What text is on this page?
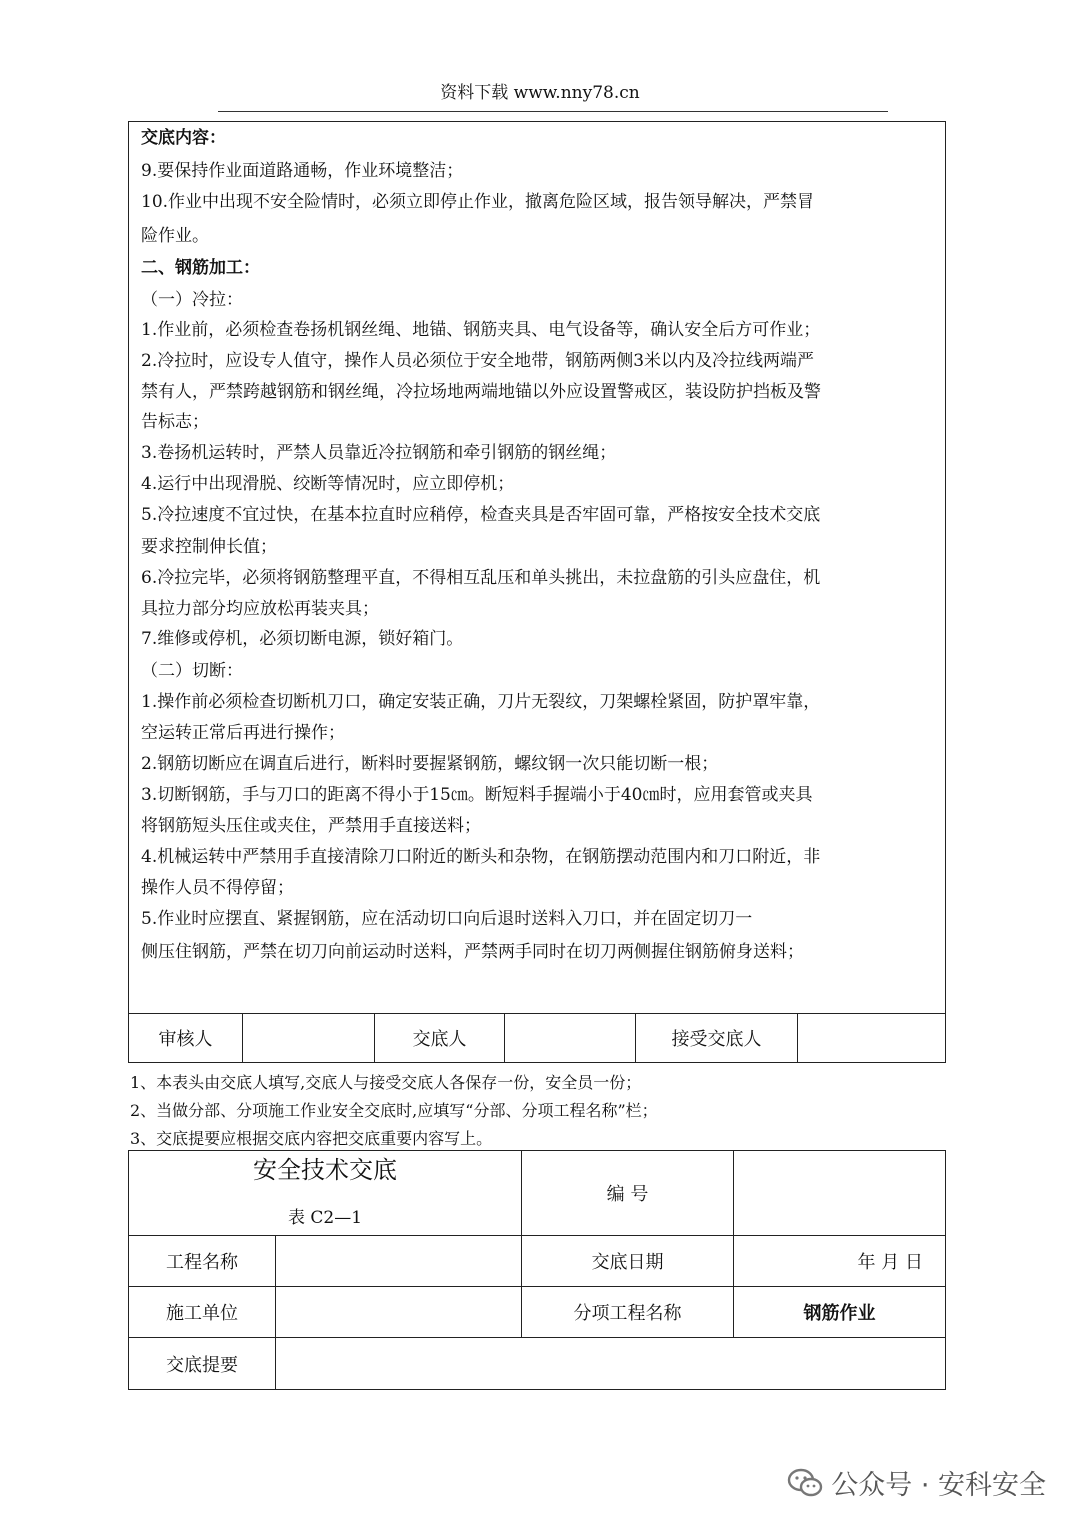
资料下载 www.nny78.cn
交底内容：
9.要保持作业面道路通畅，作业环境整洁；
10.作业中出现不安全险情时，必须立即停止作业，撤离危险区域，报告领导解决，严禁冒
险作业。
二、钢筋加工：
（一）冷拉：
1.作业前，必须检查卷扬机钢丝绳、地锚、钢筋夹具、电气设备等，确认安全后方可作业；
2.冷拉时，应设专人值守，操作人员必须位于安全地带，钢筋两侧3米以内及冷拉线两端严
禁有人，严禁跨越钢筋和钢丝绳，冷拉场地两端地锚以外应设置警戒区，装设防护挡板及警
告标志；
3.卷扬机运转时，严禁人员靠近冷拉钢筋和牵引钢筋的钢丝绳；
4.运行中出现滑脱、绞断等情况时，应立即停机；
5.冷拉速度不宜过快，在基本拉直时应稍停，检查夹具是否牢固可靠，严格按安全技术交底
要求控制伸长值；
6.冷拉完毕，必须将钢筋整理平直，不得相互乱压和单头挑出，未拉盘筋的引头应盘住，机
具拉力部分均应放松再装夹具；
7.维修或停机，必须切断电源，锁好箱门。
（二）切断：
1.操作前必须检查切断机刀口，确定安装正确，刀片无裂纹，刀架螺栓紧固，防护罩牢靠，
空运转正常后再进行操作；
2.钢筋切断应在调直后进行，断料时要握紧钢筋，螺纹钢一次只能切断一根；
3.切断钢筋，手与刀口的距离不得小于15㎝。断短料手握端小于40㎝时，应用套管或夹具
将钢筋短头压住或夹住，严禁用手直接送料；
4.机械运转中严禁用手直接清除刀口附近的断头和杂物，在钢筋摆动范围内和刀口附近，非
操作人员不得停留；
5.作业时应摆直、紧握钢筋，应在活动切口向后退时送料入刀口，并在固定切刀一
侧压住钢筋，严禁在切刀向前运动时送料，严禁两手同时在切刀两侧握住钢筋俯身送料；
审核人	交底人	接受交底人
1、本表头由交底人填写,交底人与接受交底人各保存一份，安全员一份；
2、当做分部、分项施工作业安全交底时,应填写“分部、分项工程名称”栏；
3、交底提要应根据交底内容把交底重要内容写上。
安全技术交底
表 C2—1
编 号
工程名称	交底日期	年 月 日
施工单位	分项工程名称	钢筋作业
交底提要
公众号 · 安科安全
